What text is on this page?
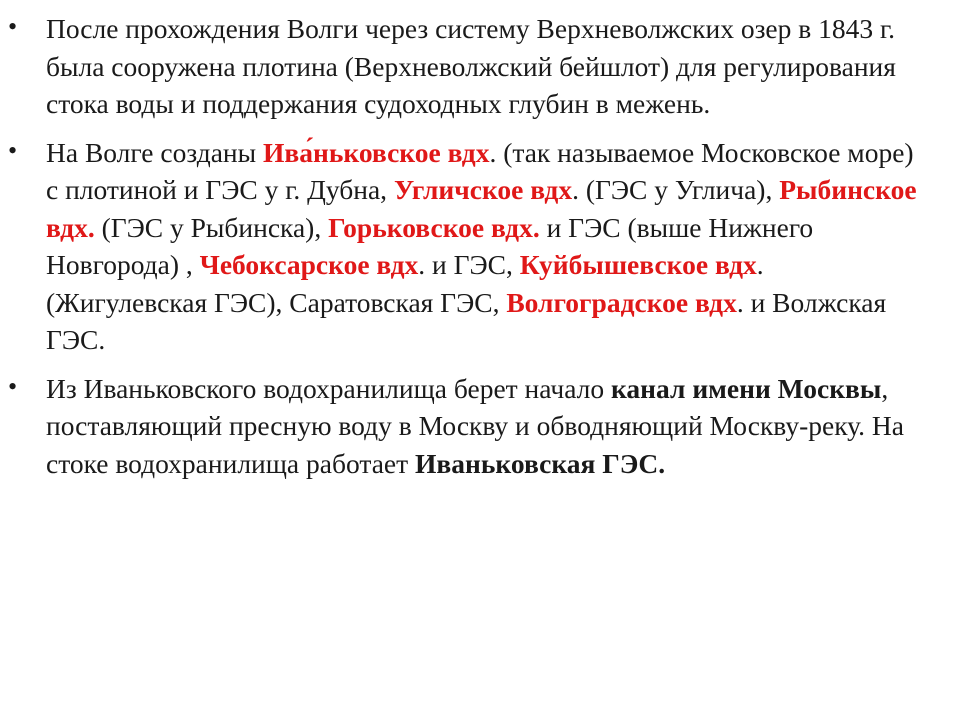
• После прохождения Волги через систему Верхневолжских озер в 1843 г. была сооружена плотина (Верхневолжский бейшлот) для регулирования стока воды и поддержания судоходных глубин в межень.
• На Волге созданы Ива́ньковское вдх. (так называемое Московское море) с плотиной и ГЭС у г. Дубна, Угличское вдх. (ГЭС у Углича), Рыбинское вдх. (ГЭС у Рыбинска), Горьковское вдх. и ГЭС (выше Нижнего Новгорода) , Чебоксарское вдх. и ГЭС, Куйбышевское вдх. (Жигулевская ГЭС), Саратовская ГЭС, Волгоградское вдх. и Волжская ГЭС.
• Из Иваньковского водохранилища берет начало канал имени Москвы, поставляющий пресную воду в Москву и обводняющий Москву-реку. На стоке водохранилища работает Иваньковская ГЭС.
